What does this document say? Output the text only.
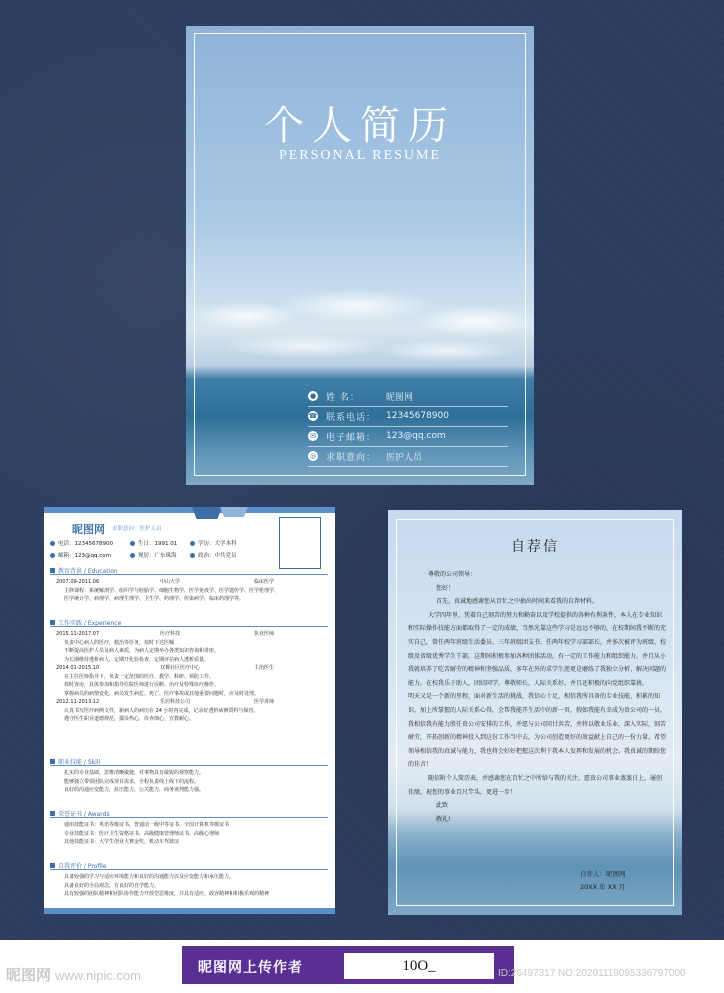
个人简历
PERSONAL RESUME
● 姓 名：	昵图网
☎ 联系电话：	12345678900
✉ 电子邮箱：	123@qq.com
◎ 求职意向：	医护人员
昵图网 求职意向：医护人员
电话：12345678900	生日：1991.01	学历：大学本科
邮箱：123@qq.com	现居：广东珠海	政治：中共党员
教育背景 / Education
2007.09-2011.06	中山大学	临床医学
主修课程：系统解剖学、组织学与胚胎学、细胞生物学、医学免疫学、医学遗传学、医学伦理学、
医学统计学、病理学、病理生理学、卫生学、药理学、传染病学、临床药理学等。
工作实践 / Experience
2015.11-2017.07	医疗科技	执业医师
负责中心病人的医疗，救治等任务，按时下达医嘱
不断提高医护人员及病人素质，为病人定期举办各类知识咨询和讲座。
为长期维持透析病人，定期开化验检查，定期评估病人透析质量。
2014.01-2015.10	双翼社区医疗中心	主治医生
在主任医师指导下，负责一定范围的医疗、教学、科研、预防工作。
按时查房，具体参加和指导住院医师进行诊断、治疗及特殊诊疗操作。
掌握病员的病情变化，病员发生病危、死亡、医疗事故或其他重要问题时，应及时处理。
2012.11-2013.12	乐居科技公司	医学讲师
认真书写医疗病例文件，新病人的病历在 24 小时内完成，记录好透析病例资料与保管。
遵守医生职业道德规范，援诊热心，诊查细心，宣教耐心。
职业技能 / Skill
扎实的专业基础，思维清晰敏捷，对事物具有敏锐的观察能力。
能够独立带领团队完成项目需求，全程负责线上线下的流程。
良好的沟通应变能力，抗压能力，公关能力，商务谈判能力强。
荣誉证书 / Awards
通用技能证书：英语等级证书、普通话一级甲等证书、全国计算机等级证书
专业技能证书：医疗卫生资格证书、高级健康管理师证书、高级心理师
其他技能证书：大学生创业大赛金奖，机动车驾驶证
自我评价 / Profile
具备较强的学习与适应环境能力和良好的沟通能力以及应变能力和承压能力。
具备良好的全局观念，有良好的自学能力。
具有较强的团队精神和团队协作能力开放型思维度，并具有适应、敢容精神和积极乐观的精神
自荐信

尊敬的公司领导：

您好！

首先，真诚地感谢您从百忙之中抽出时间来看我的自荐材料。

大学四年里，凭着自己刻苦的努力和勤奋以及学校提供的各种有利条件，本人在专业知识和实际操作技能方面都取得了一定的成绩，当然光靠这些学习是远远不够的，在校期间我不断的充实自己，曾任两年班级生活委员、三年班级团支书、任两年校学习部部长，并多次被评为班级、校级及省级优秀学生干部，这期间积极参加各种团体活动，有一定的工作能力和组织能力。并且从小我就培养了吃苦耐劳的精神和坚强品质，多年在外的求学生涯更是磨练了我独立分析、解决问题的能力。在校我乐于助人，团结同学，尊敬师长，人际关系好。并且还积极的向党组织靠拢。

明天又是一个新的里程，面对新生活的挑战，我信心十足，相信我所具备的专业技能、积累的知识，加上所掌握的人际关系心得，会帮我能开生活中的新一页，假如我能有幸成为贵公司的一员，我相信我有能力胜任贵公司安排的工作，并愿与公司同甘共苦，并将以敬业乐业，深入实际，刻苦耐劳，开拓创新的精神投入到这份工作当中去，为公司创造更好的效益献上自己的一份力量。希望领导相信我的真诚与能力，我也将会好好把握这次利于我本人发挥和发展的机会。我真诚的期盼您的佳音！

随信附个人简历表，并感谢您在百忙之中所给与我的关注，愿贵公司事业蒸蒸日上，屡创佳绩，祝您的事业百尺竿头，更进一步！

此致

敬礼!

自荐人：昵图网
20XX 年 XX 月
昵图网 www.nipic.com	昵图网上传作者	10O_	ID:26497317 NO:20201119095336797000
